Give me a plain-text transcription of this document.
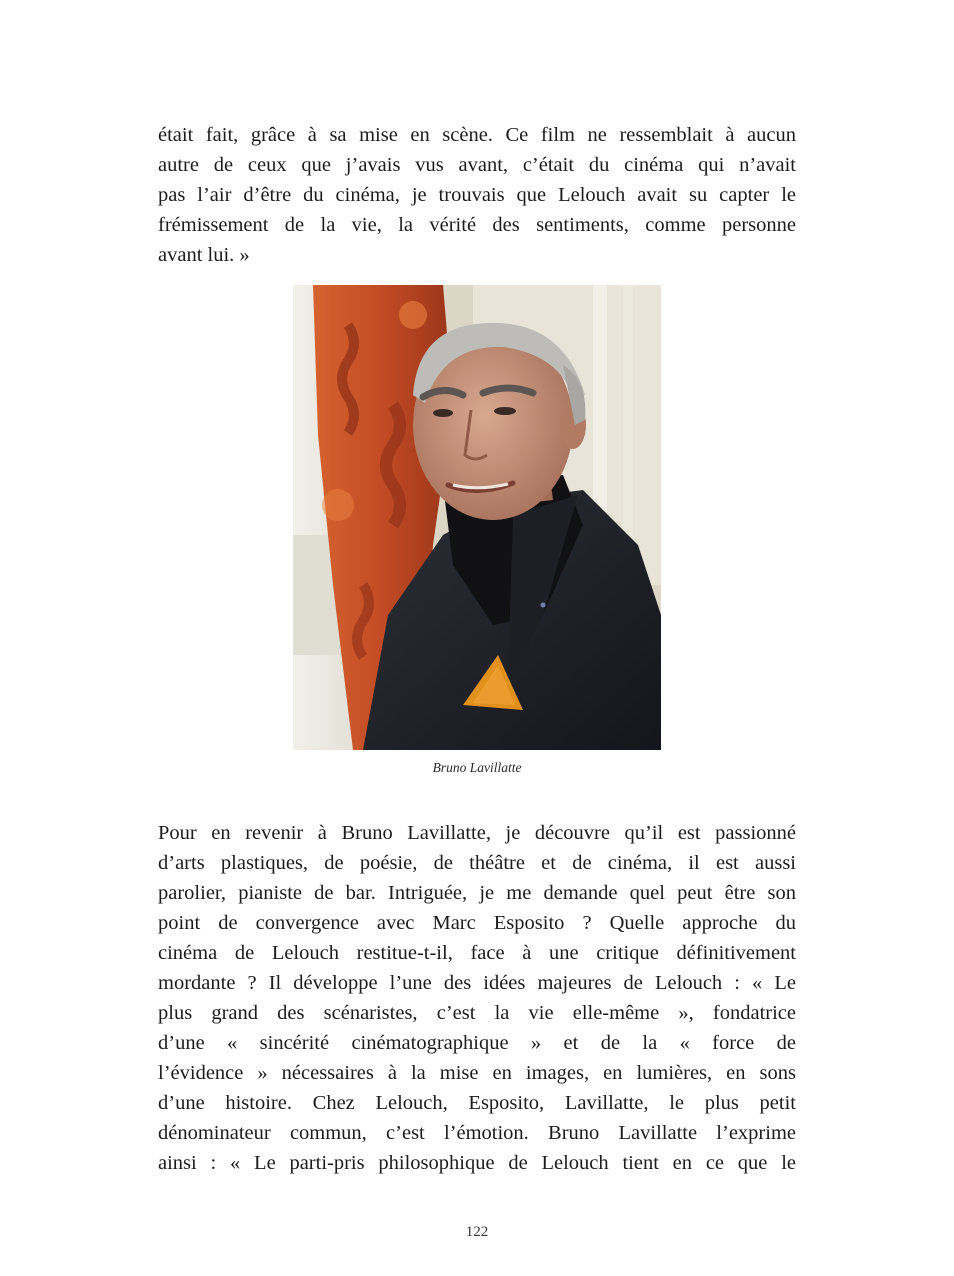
était fait, grâce à sa mise en scène. Ce film ne ressemblait à aucun
autre de ceux que j’avais vus avant, c’était du cinéma qui n’avait
pas l’air d’être du cinéma, je trouvais que Lelouch avait su capter le
frémissement de la vie, la vérité des sentiments, comme personne
avant lui. »
Bruno Lavillatte
Pour en revenir à Bruno Lavillatte, je découvre qu’il est passionné
d’arts plastiques, de poésie, de théâtre et de cinéma, il est aussi
parolier, pianiste de bar. Intriguée, je me demande quel peut être son
point de convergence avec Marc Esposito ? Quelle approche du
cinéma de Lelouch restitue-t-il, face à une critique définitivement
mordante ? Il développe l’une des idées majeures de Lelouch : « Le
plus grand des scénaristes, c’est la vie elle-même », fondatrice
d’une « sincérité cinématographique » et de la « force de
l’évidence » nécessaires à la mise en images, en lumières, en sons
d’une histoire. Chez Lelouch, Esposito, Lavillatte, le plus petit
dénominateur commun, c’est l’émotion. Bruno Lavillatte l’exprime
ainsi : « Le parti-pris philosophique de Lelouch tient en ce que le
122
